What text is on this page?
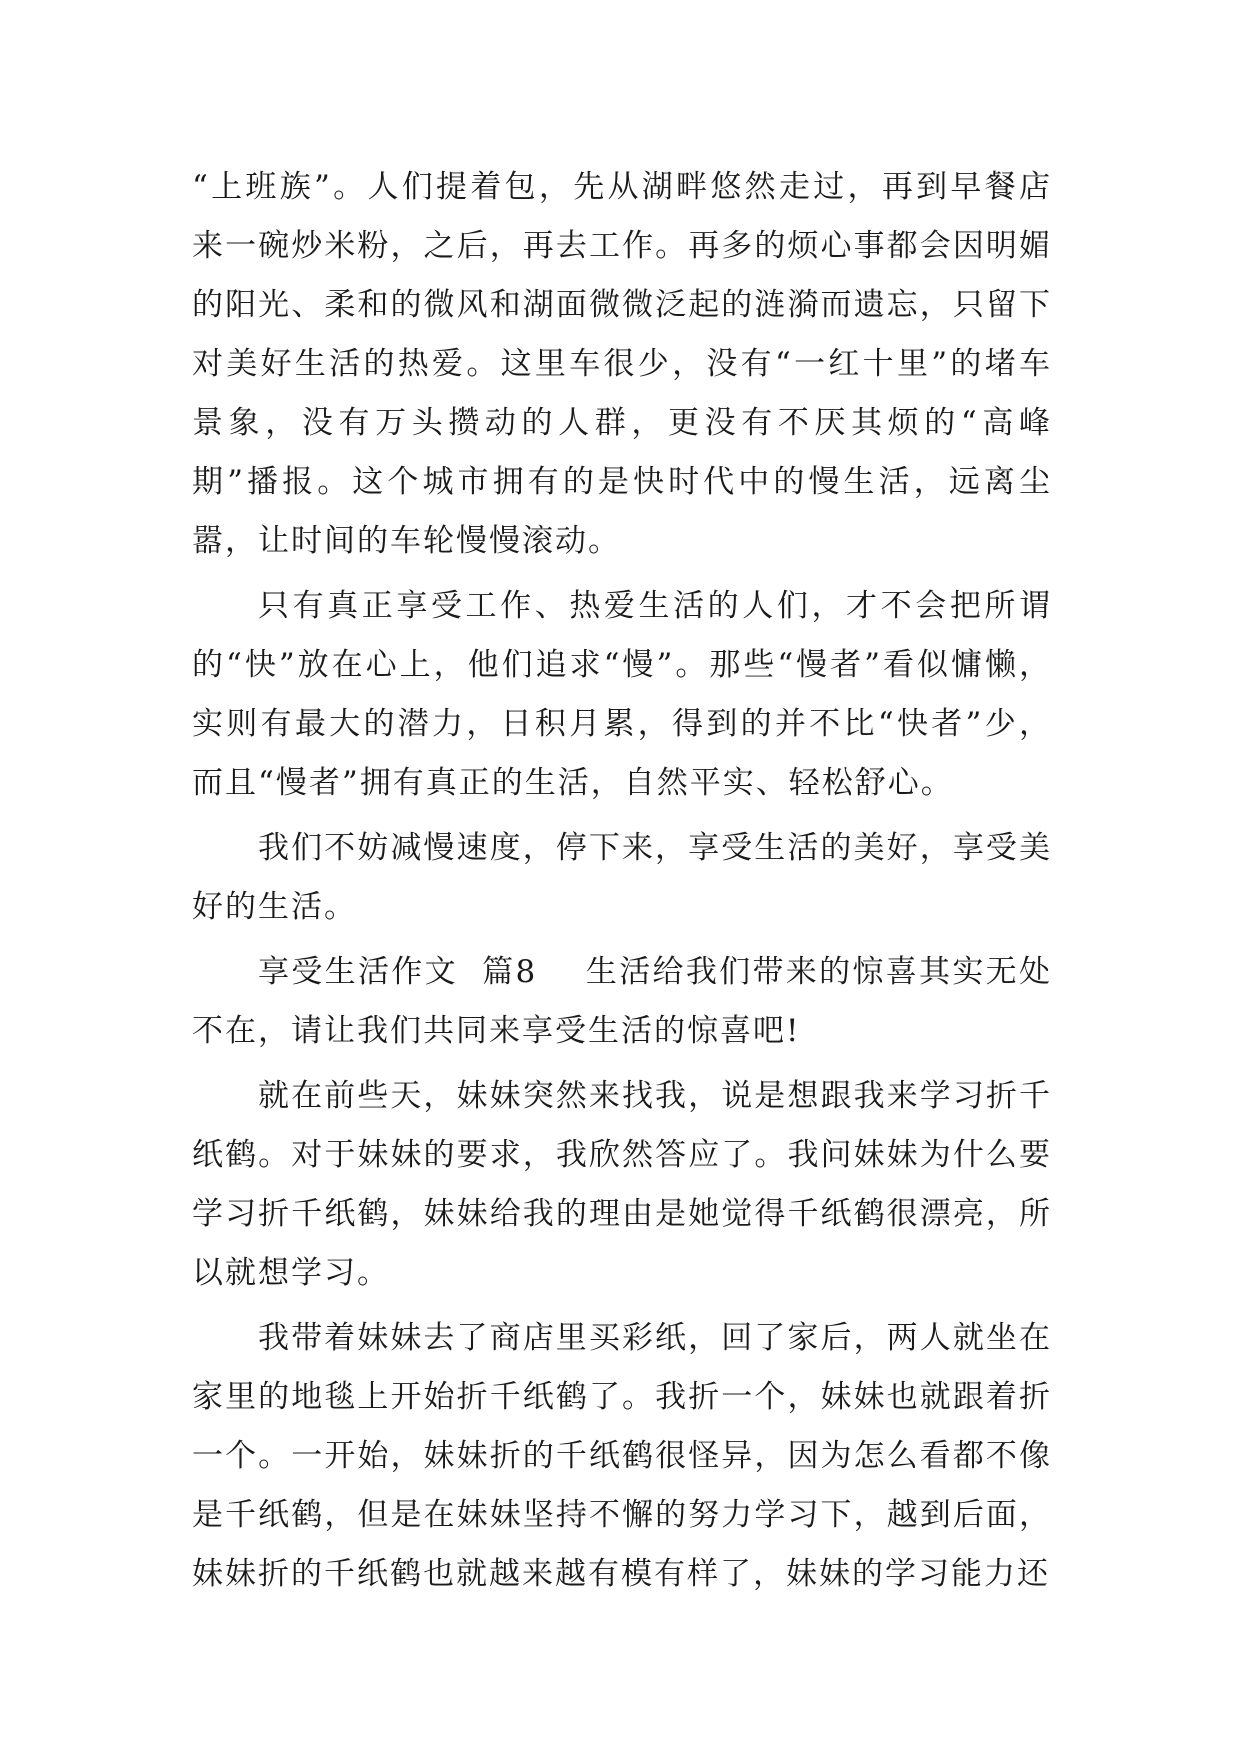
“上班族”。人们提着包，先从湖畔悠然走过，再到早餐店来一碗炒米粉，之后，再去工作。再多的烦心事都会因明媚的阳光、柔和的微风和湖面微微泛起的涟漪而遗忘，只留下对美好生活的热爱。这里车很少，没有“一红十里”的堵车景象，没有万头攒动的人群，更没有不厌其烦的“高峰期”播报。这个城市拥有的是快时代中的慢生活，远离尘嚣，让时间的车轮慢慢滚动。

只有真正享受工作、热爱生活的人们，才不会把所谓的“快”放在心上，他们追求“慢”。那些“慢者”看似慵懒，实则有最大的潜力，日积月累，得到的并不比“快者”少，而且“慢者”拥有真正的生活，自然平实、轻松舒心。

我们不妨减慢速度，停下来，享受生活的美好，享受美好的生活。

享受生活作文  篇8    生活给我们带来的惊喜其实无处不在，请让我们共同来享受生活的惊喜吧!

就在前些天，妹妹突然来找我，说是想跟我来学习折千纸鹤。对于妹妹的要求，我欣然答应了。我问妹妹为什么要学习折千纸鹤，妹妹给我的理由是她觉得千纸鹤很漂亮，所以就想学习。

我带着妹妹去了商店里买彩纸，回了家后，两人就坐在家里的地毯上开始折千纸鹤了。我折一个，妹妹也就跟着折一个。一开始，妹妹折的千纸鹤很怪异，因为怎么看都不像是千纸鹤，但是在妹妹坚持不懈的努力学习下，越到后面，妹妹折的千纸鹤也就越来越有模有样了，妹妹的学习能力还
